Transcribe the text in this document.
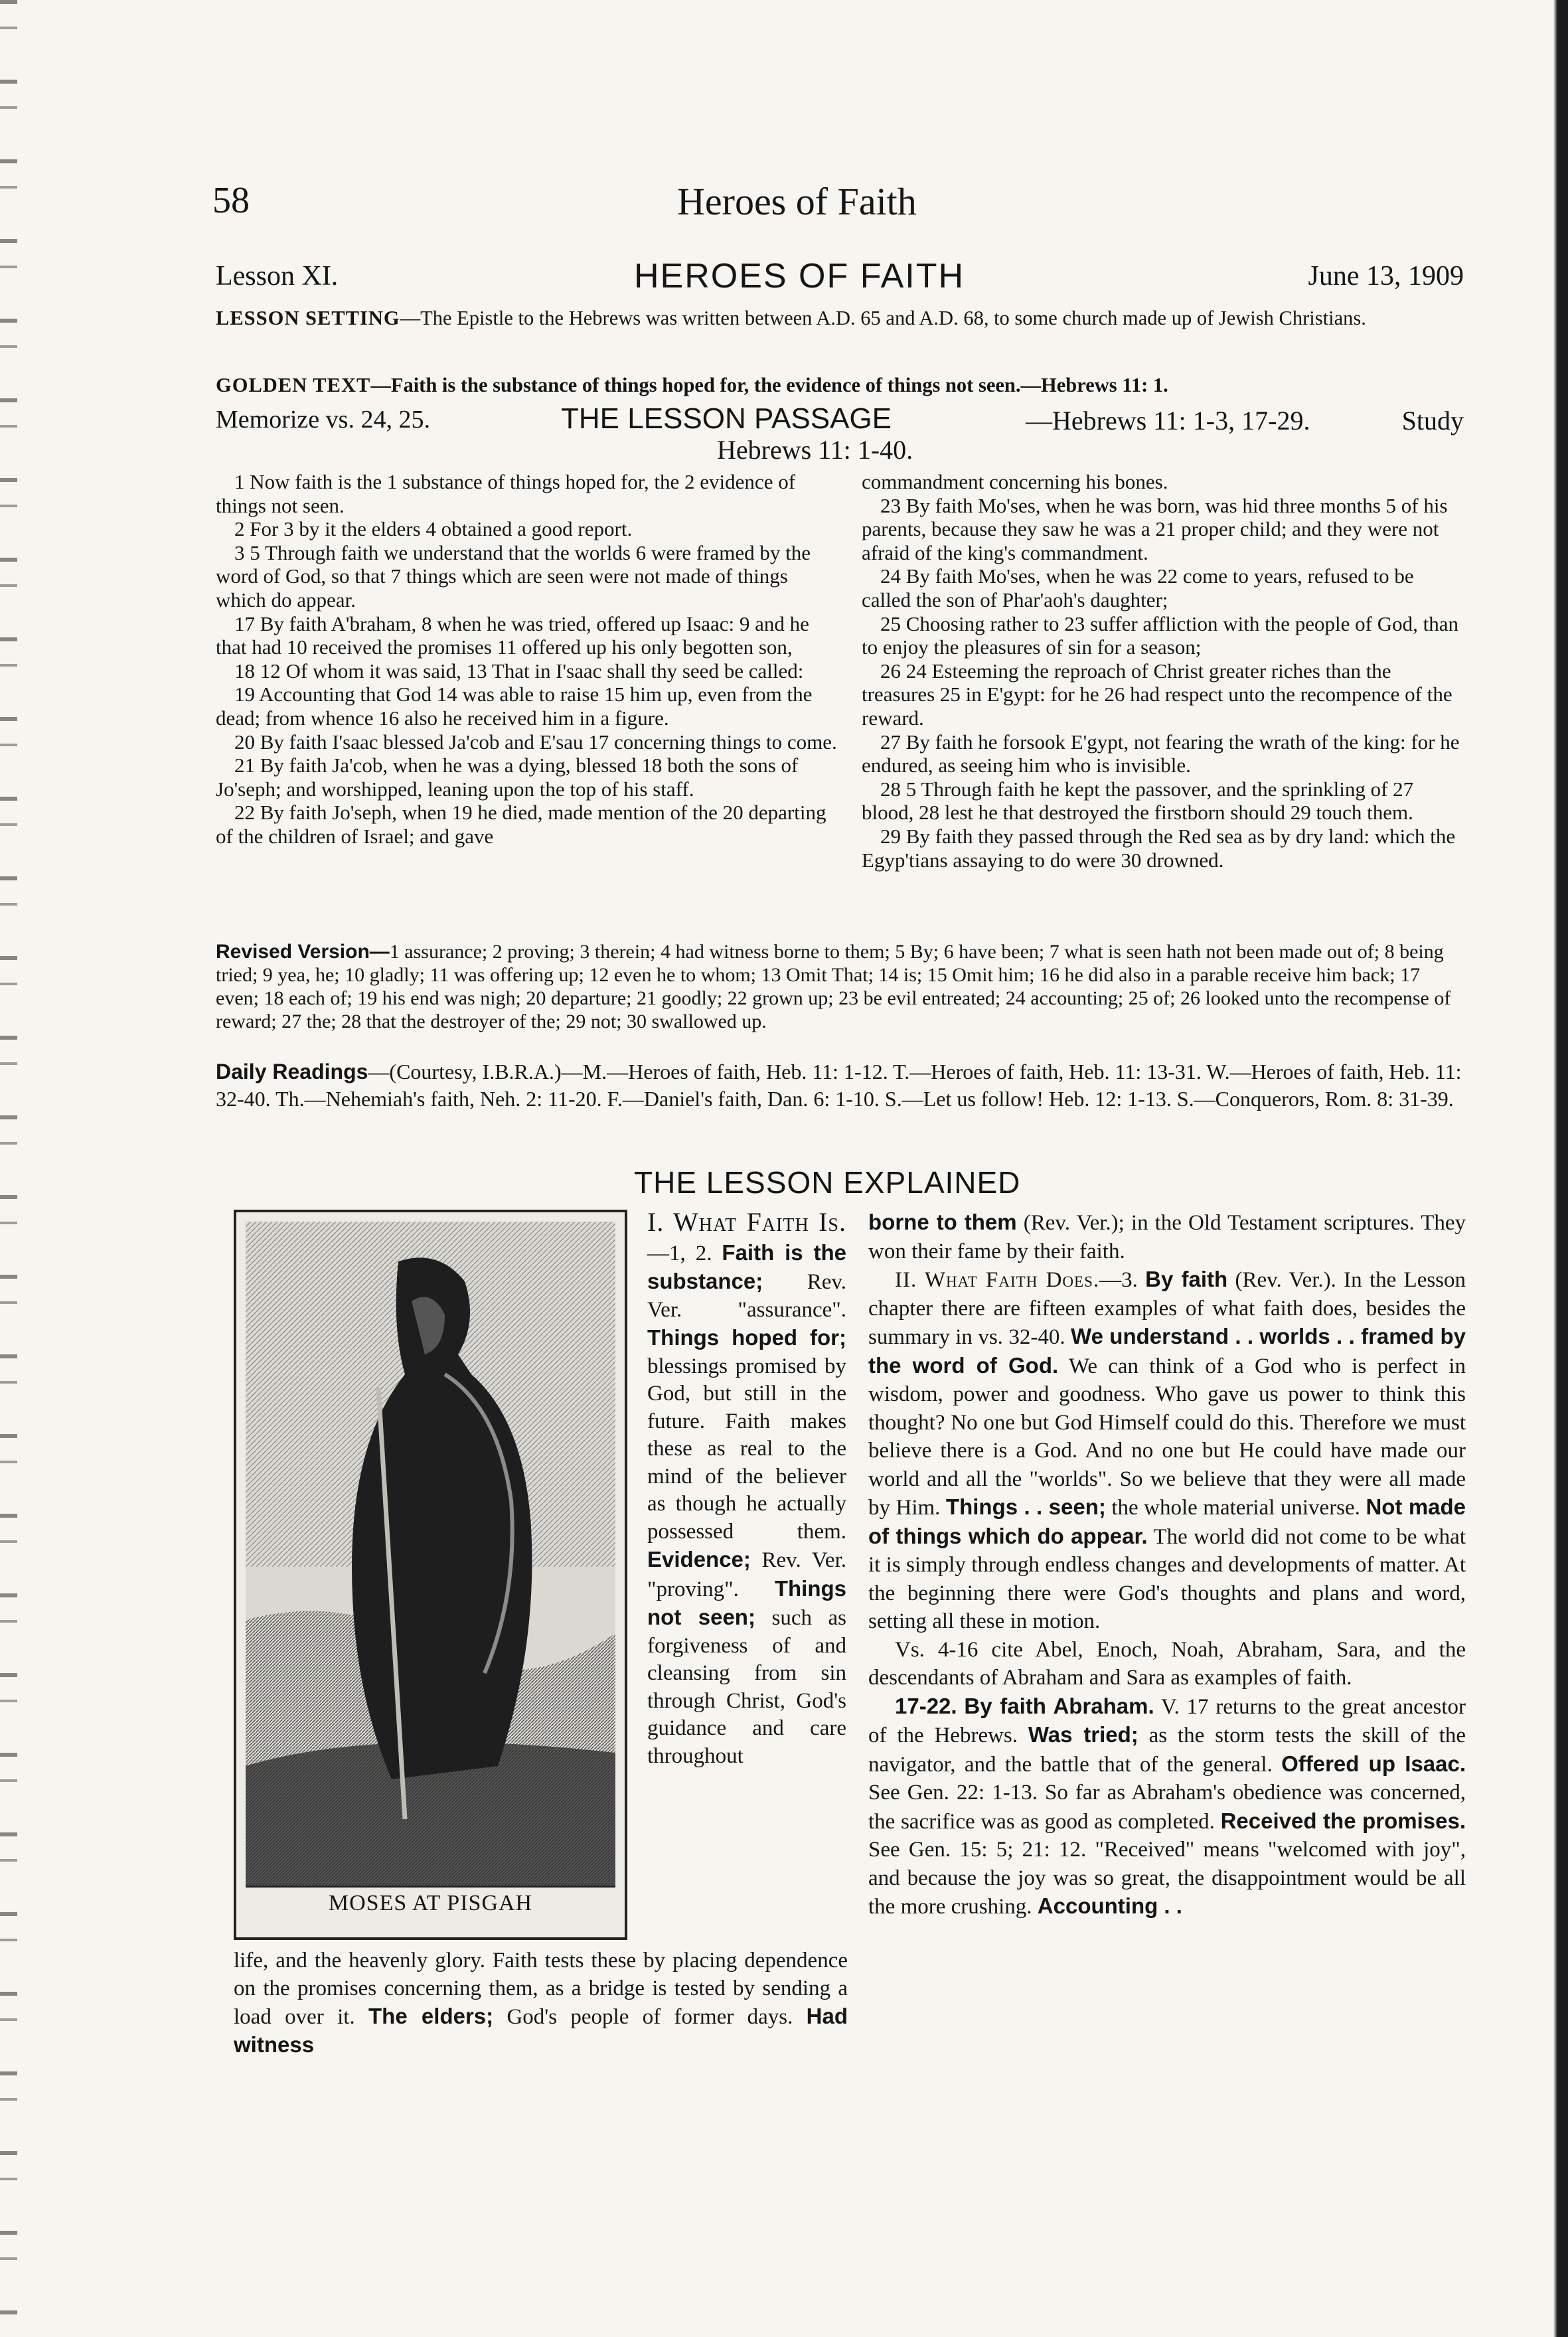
58	Heroes of Faith
Lesson XI.	HEROES OF FAITH	June 13, 1909
LESSON SETTING—The Epistle to the Hebrews was written between A.D. 65 and A.D. 68, to some church made up of Jewish Christians.
GOLDEN TEXT—Faith is the substance of things hoped for, the evidence of things not seen.—Hebrews 11: 1.
Memorize vs. 24, 25.	THE LESSON PASSAGE	—Hebrews 11: 1-3, 17-29.	Study
Hebrews 11: 1-40.

1 Now faith is the 1 substance of things hoped for, the 2 evidence of things not seen.

2 For 3 by it the elders 4 obtained a good report.

3 5 Through faith we understand that the worlds 6 were framed by the word of God, so that 7 things which are seen were not made of things which do appear.

17 By faith A'braham, 8 when he was tried, offered up Isaac: 9 and he that had 10 received the promises 11 offered up his only begotten son,

18 12 Of whom it was said, 13 That in I'saac shall thy seed be called:

19 Accounting that God 14 was able to raise 15 him up, even from the dead; from whence 16 also he received him in a figure.

20 By faith I'saac blessed Ja'cob and E'sau 17 concerning things to come.

21 By faith Ja'cob, when he was a dying, blessed 18 both the sons of Jo'seph; and worshipped, leaning upon the top of his staff.

22 By faith Jo'seph, when 19 he died, made mention of the 20 departing of the children of Israel; and gave

commandment concerning his bones.

23 By faith Mo'ses, when he was born, was hid three months 5 of his parents, because they saw he was a 21 proper child; and they were not afraid of the king's commandment.

24 By faith Mo'ses, when he was 22 come to years, refused to be called the son of Phar'aoh's daughter;

25 Choosing rather to 23 suffer affliction with the people of God, than to enjoy the pleasures of sin for a season;

26 24 Esteeming the reproach of Christ greater riches than the treasures 25 in E'gypt: for he 26 had respect unto the recompence of the reward.

27 By faith he forsook E'gypt, not fearing the wrath of the king: for he endured, as seeing him who is invisible.

28 5 Through faith he kept the passover, and the sprinkling of 27 blood, 28 lest he that destroyed the firstborn should 29 touch them.

29 By faith they passed through the Red sea as by dry land: which the Egyp'tians assaying to do were 30 drowned.

Revised Version—1 assurance; 2 proving; 3 therein; 4 had witness borne to them; 5 By; 6 have been; 7 what is seen hath not been made out of; 8 being tried; 9 yea, he; 10 gladly; 11 was offering up; 12 even he to whom; 13 Omit That; 14 is; 15 Omit him; 16 he did also in a parable receive him back; 17 even; 18 each of; 19 his end was nigh; 20 departure; 21 goodly; 22 grown up; 23 be evil entreated; 24 accounting; 25 of; 26 looked unto the recompense of reward; 27 the; 28 that the destroyer of the; 29 not; 30 swallowed up.
Daily Readings—(Courtesy, I.B.R.A.)—M.—Heroes of faith, Heb. 11: 1-12. T.—Heroes of faith, Heb. 11: 13-31. W.—Heroes of faith, Heb. 11: 32-40. Th.—Nehemiah's faith, Neh. 2: 11-20. F.—Daniel's faith, Dan. 6: 1-10. S.—Let us follow! Heb. 12: 1-13. S.—Conquerors, Rom. 8: 31-39.
THE LESSON EXPLAINED
MOSES AT PISGAH
I. What Faith Is.—1, 2. Faith is the substance; Rev. Ver. "assurance". Things hoped for; blessings promised by God, but still in the future. Faith makes these as real to the mind of the believer as though he actually possessed them. Evidence; Rev. Ver. "proving". Things not seen; such as forgiveness of and cleansing from sin through Christ, God's guidance and care throughout
life, and the heavenly glory. Faith tests these by placing dependence on the promises concerning them, as a bridge is tested by sending a load over it. The elders; God's people of former days. Had witness

borne to them (Rev. Ver.); in the Old Testament scriptures. They won their fame by their faith.

II. What Faith Does.—3. By faith (Rev. Ver.). In the Lesson chapter there are fifteen examples of what faith does, besides the summary in vs. 32-40. We understand . . worlds . . framed by the word of God. We can think of a God who is perfect in wisdom, power and goodness. Who gave us power to think this thought? No one but God Himself could do this. Therefore we must believe there is a God. And no one but He could have made our world and all the "worlds". So we believe that they were all made by Him. Things . . seen; the whole material universe. Not made of things which do appear. The world did not come to be what it is simply through endless changes and developments of matter. At the beginning there were God's thoughts and plans and word, setting all these in motion.

Vs. 4-16 cite Abel, Enoch, Noah, Abraham, Sara, and the descendants of Abraham and Sara as examples of faith.

17-22. By faith Abraham. V. 17 returns to the great ancestor of the Hebrews. Was tried; as the storm tests the skill of the navigator, and the battle that of the general. Offered up Isaac. See Gen. 22: 1-13. So far as Abraham's obedience was concerned, the sacrifice was as good as completed. Received the promises. See Gen. 15: 5; 21: 12. "Received" means "welcomed with joy", and because the joy was so great, the disappointment would be all the more crushing. Accounting . .
